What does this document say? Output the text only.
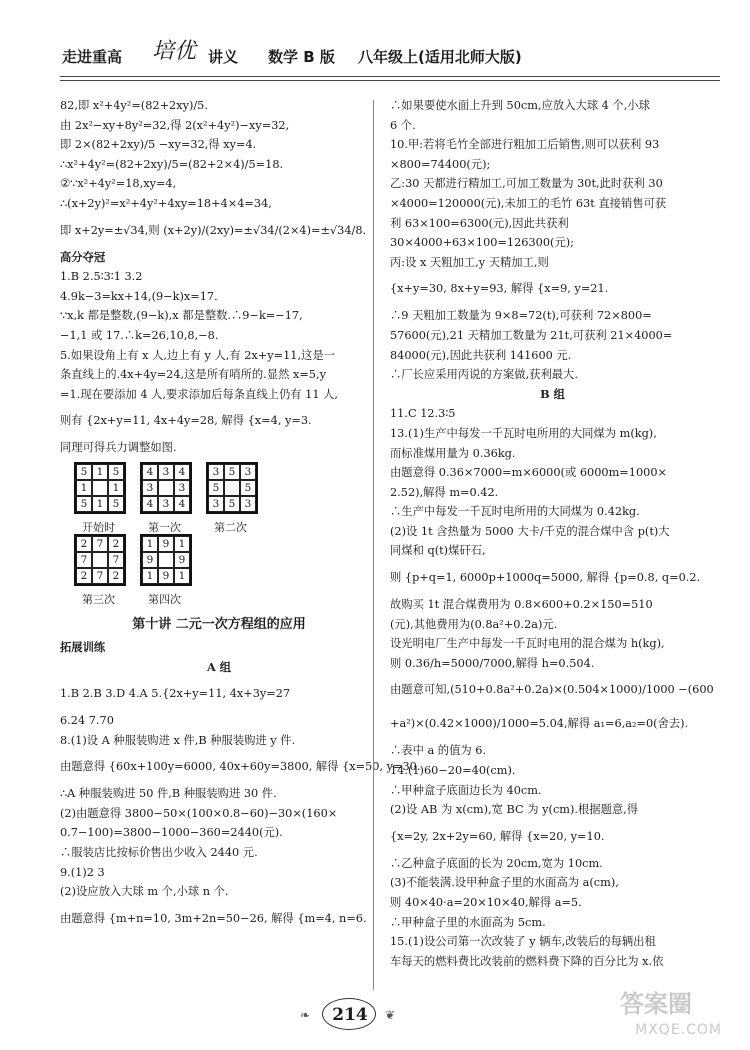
走进重高 培优 讲义 数学 B 版 八年级上(适用北师大版)
82,即 x²+4y²=(82+2xy)/5.
由 2x²−xy+8y²=32,得 2(x²+4y²)−xy=32,
即 2×(82+2xy)/5 −xy=32,得 xy=4.
∴x²+4y²=(82+2xy)/5=(82+2×4)/5=18.
②∵x²+4y²=18,xy=4,
∴(x+2y)²=x²+4y²+4xy=18+4×4=34,
即 x+2y=±√34,则 (x+2y)/(2xy)=±√34/(2×4)=±√34/8.
高分夺冠
1.B 2.5∶3∶1 3.2
4.9k−3=kx+14,(9−k)x=17.
∵x,k 都是整数,(9−k),x 都是整数.∴9−k=−17,
−1,1 或 17.∴k=26,10,8,−8.
5.如果设角上有 x 人,边上有 y 人,有 2x+y=11,这是一
条直线上的.4x+4y=24,这是所有哨所的.显然 x=5,y
=1.现在要添加 4 人,要求添加后每条直线上仍有 11 人,
则有 {2x+y=11, 4x+4y=28, 解得 {x=4, y=3.
同理可得兵力调整如图.
5 1 5
1	1
5 1 5
开始时
4 3 4
3	3
4 3 4
第一次
3 5 3
5	5
3 5 3
第二次
2 7 2
7	7
2 7 2
第三次
1 9 1
9	9
1 9 1
第四次
第十讲 二元一次方程组的应用
拓展训练
A 组
1.B 2.B 3.D 4.A 5.{2x+y=11, 4x+3y=27
6.24 7.70
8.(1)设 A 种服装购进 x 件,B 种服装购进 y 件.
由题意得 {60x+100y=6000, 40x+60y=3800, 解得 {x=50, y=30.
∴A 种服装购进 50 件,B 种服装购进 30 件.
(2)由题意得 3800−50×(100×0.8−60)−30×(160×
0.7−100)=3800−1000−360=2440(元).
∴服装店比按标价售出少收入 2440 元.
9.(1)2 3
(2)设应放入大球 m 个,小球 n 个.
由题意得 {m+n=10, 3m+2n=50−26, 解得 {m=4, n=6.
∴如果要使水面上升到 50cm,应放入大球 4 个,小球
6 个.
10.甲:若将毛竹全部进行粗加工后销售,则可以获利 93
×800=74400(元);
乙:30 天都进行精加工,可加工数量为 30t,此时获利 30
×4000=120000(元),未加工的毛竹 63t 直接销售可获
利 63×100=6300(元),因此共获利
30×4000+63×100=126300(元);
丙:设 x 天粗加工,y 天精加工,则
{x+y=30, 8x+y=93, 解得 {x=9, y=21.
∴9 天粗加工数量为 9×8=72(t),可获利 72×800=
57600(元),21 天精加工数量为 21t,可获利 21×4000=
84000(元),因此共获利 141600 元.
∴厂长应采用丙说的方案做,获利最大.
B 组
11.C 12.3∶5
13.(1)生产中每发一千瓦时电所用的大同煤为 m(kg),
而标准煤用量为 0.36kg.
由题意得 0.36×7000=m×6000(或 6000m=1000×
2.52),解得 m=0.42.
∴生产中每发一千瓦时电所用的大同煤为 0.42kg.
(2)设 1t 含热量为 5000 大卡/千克的混合煤中含 p(t)大
同煤和 q(t)煤矸石,
则 {p+q=1, 6000p+1000q=5000, 解得 {p=0.8, q=0.2.
故购买 1t 混合煤费用为 0.8×600+0.2×150=510
(元),其他费用为(0.8a²+0.2a)元.
设光明电厂生产中每发一千瓦时电用的混合煤为 h(kg),
则 0.36/h=5000/7000,解得 h=0.504.
由题意可知,(510+0.8a²+0.2a)×(0.504×1000)/1000 −(600
+a²)×(0.42×1000)/1000=5.04,解得 a₁=6,a₂=0(舍去).
∴表中 a 的值为 6.
14.(1)60−20=40(cm).
∴甲种盒子底面边长为 40cm.
(2)设 AB 为 x(cm),宽 BC 为 y(cm).根据题意,得
{x=2y, 2x+2y=60, 解得 {x=20, y=10.
∴乙种盒子底面的长为 20cm,宽为 10cm.
(3)不能装满.设甲种盒子里的水面高为 a(cm),
则 40×40·a=20×10×40,解得 a=5.
∴甲种盒子里的水面高为 5cm.
15.(1)设公司第一次改装了 y 辆车,改装后的每辆出租
车每天的燃料费比改装前的燃料费下降的百分比为 x.依
❧	214	❦	答案圈
MXQE.COM
